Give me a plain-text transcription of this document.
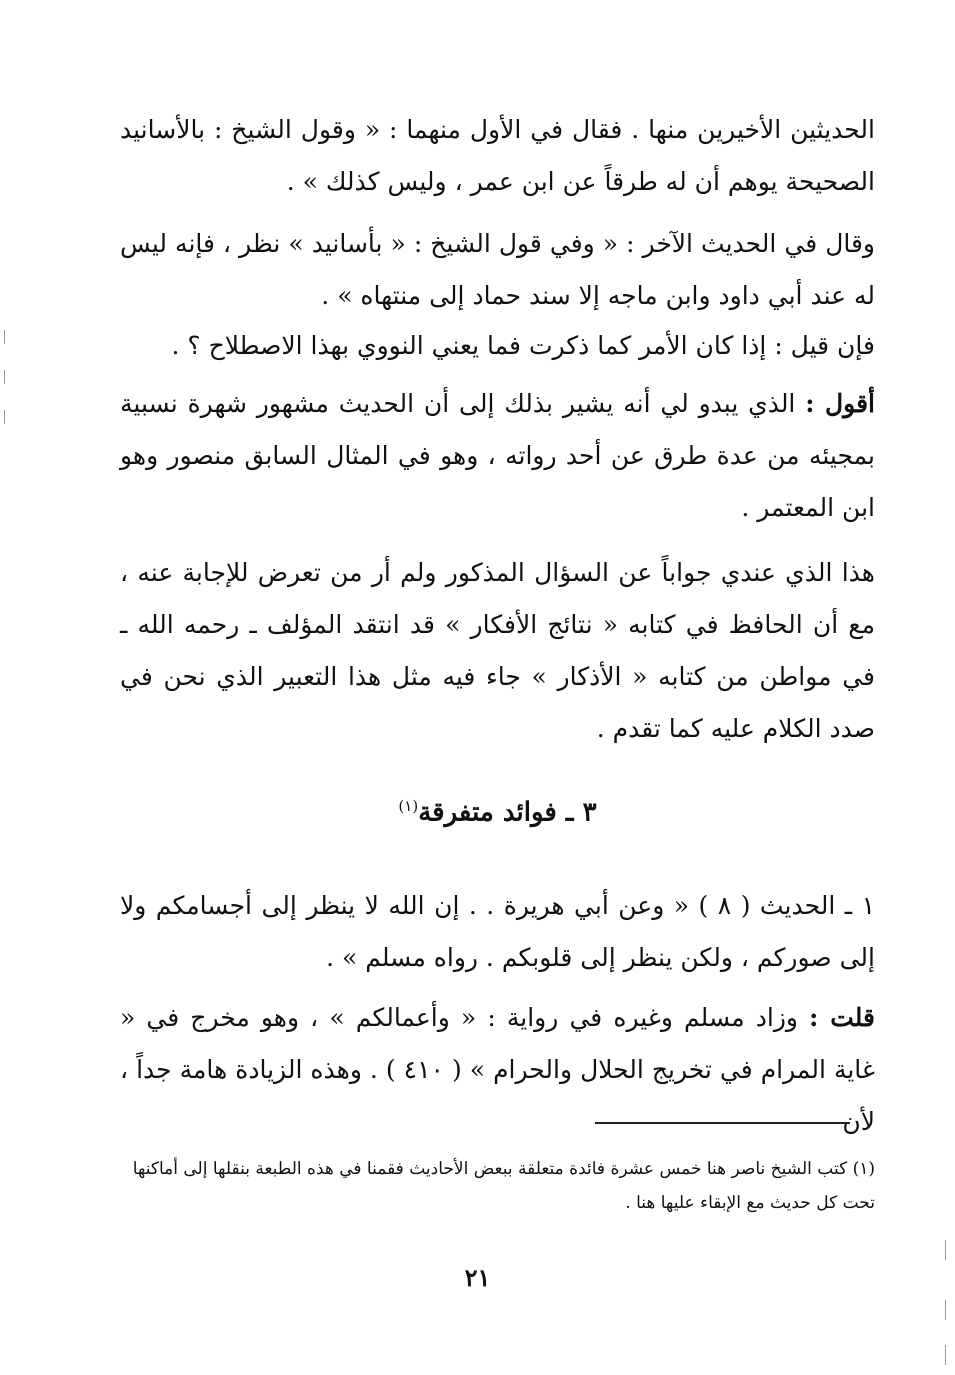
الحديثين الأخيرين منها . فقال في الأول منهما : « وقول الشيخ : بالأسانيد الصحيحة يوهم أن له طرقاً عن ابن عمر ، وليس كذلك » .

وقال في الحديث الآخر : « وفي قول الشيخ : « بأسانيد » نظر ، فإنه ليس له عند أبي داود وابن ماجه إلا سند حماد إلى منتهاه » .

فإن قيل : إذا كان الأمر كما ذكرت فما يعني النووي بهذا الاصطلاح ؟ .

أقول : الذي يبدو لي أنه يشير بذلك إلى أن الحديث مشهور شهرة نسبية بمجيئه من عدة طرق عن أحد رواته ، وهو في المثال السابق منصور وهو ابن المعتمر .

هذا الذي عندي جواباً عن السؤال المذكور ولم أر من تعرض للإجابة عنه ، مع أن الحافظ في كتابه « نتائج الأفكار » قد انتقد المؤلف ـ رحمه الله ـ في مواطن من كتابه « الأذكار » جاء فيه مثل هذا التعبير الذي نحن في صدد الكلام عليه كما تقدم .

٣ ـ فوائد متفرقة$^{(١)}$

١ ـ الحديث ( ٨ ) « وعن أبي هريرة . . إن الله لا ينظر إلى أجسامكم ولا إلى صوركم ، ولكن ينظر إلى قلوبكم . رواه مسلم » .

قلت : وزاد مسلم وغيره في رواية : « وأعمالكم » ، وهو مخرج في « غاية المرام في تخريج الحلال والحرام » ( ٤١٠ ) . وهذه الزيادة هامة جداً ، لأن

(١) كتب الشيخ ناصر هنا خمس عشرة فائدة متعلقة ببعض الأحاديث فقمنا في هذه الطبعة بنقلها إلى أماكنها تحت كل حديث مع الإبقاء عليها هنا .

٢١
